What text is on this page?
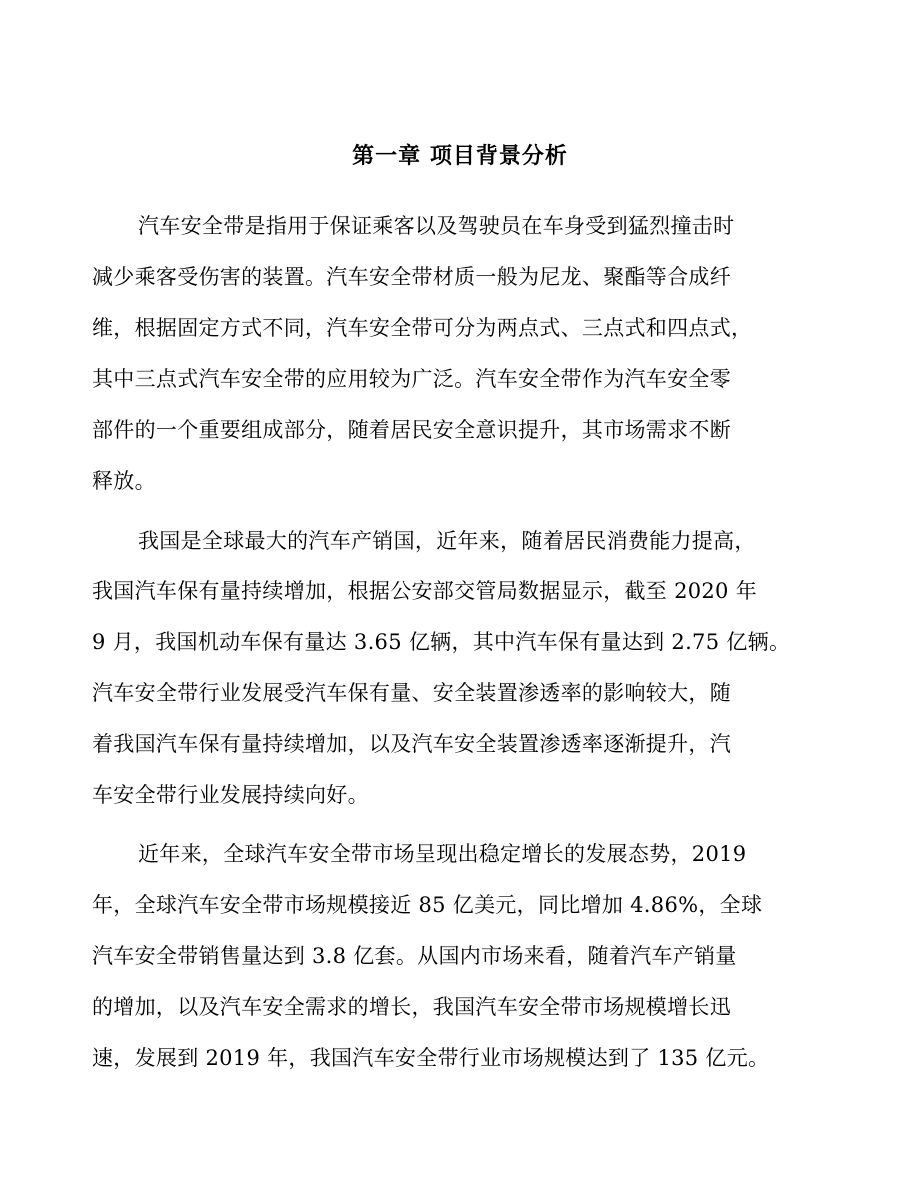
第一章 项目背景分析
汽车安全带是指用于保证乘客以及驾驶员在车身受到猛烈撞击时
减少乘客受伤害的装置。汽车安全带材质一般为尼龙、聚酯等合成纤
维，根据固定方式不同，汽车安全带可分为两点式、三点式和四点式，
其中三点式汽车安全带的应用较为广泛。汽车安全带作为汽车安全零
部件的一个重要组成部分，随着居民安全意识提升，其市场需求不断
释放。
我国是全球最大的汽车产销国，近年来，随着居民消费能力提高，
我国汽车保有量持续增加，根据公安部交管局数据显示，截至 2020 年
9 月，我国机动车保有量达 3.65 亿辆，其中汽车保有量达到 2.75 亿辆。
汽车安全带行业发展受汽车保有量、安全装置渗透率的影响较大，随
着我国汽车保有量持续增加，以及汽车安全装置渗透率逐渐提升，汽
车安全带行业发展持续向好。
近年来，全球汽车安全带市场呈现出稳定增长的发展态势，2019
年，全球汽车安全带市场规模接近 85 亿美元，同比增加 4.86%，全球
汽车安全带销售量达到 3.8 亿套。从国内市场来看，随着汽车产销量
的增加，以及汽车安全需求的增长，我国汽车安全带市场规模增长迅
速，发展到 2019 年，我国汽车安全带行业市场规模达到了 135 亿元。
